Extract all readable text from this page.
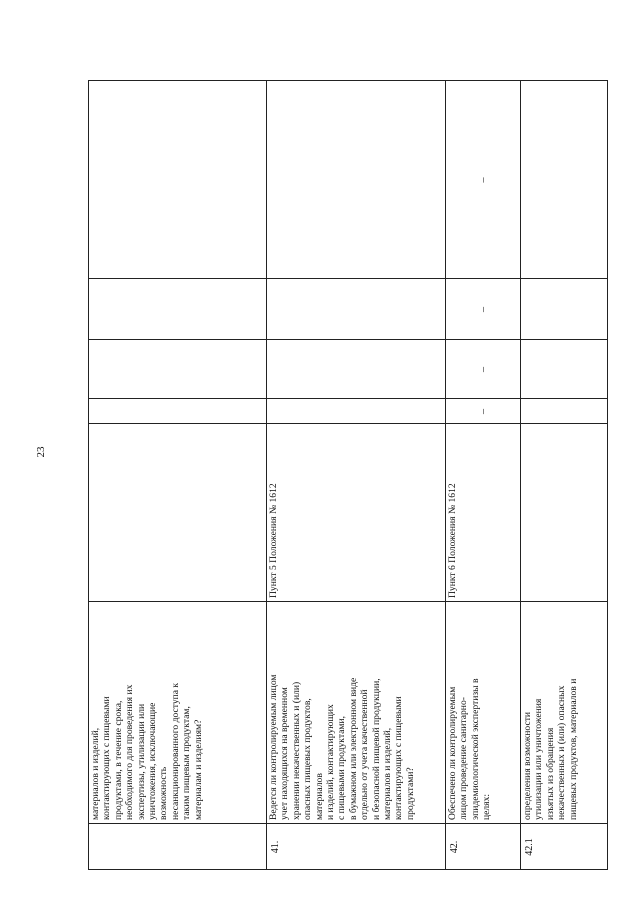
23
материалов и изделий,
контактирующих с пищевыми
продуктами, в течение срока,
необходимого для проведения их
экспертизы, утилизации или
уничтожения, исключающие
возможность
несанкционированного доступа к
таким пищевым продуктам,
материалам и изделиям?
41.
Ведется ли контролируемым лицом
учет находящихся на временном
хранении некачественных и (или)
опасных пищевых продуктов,
материалов
и изделий, контактирующих
с пищевыми продуктами,
в бумажном или электронном виде
отдельно от учета качественной
и безопасной пищевой продукции,
материалов и изделий,
контактирующих с пищевыми
продуктами?
Пункт 5 Положения № 1612
42.
Обеспечено ли контролируемым
лицом проведение санитарно-
эпидемиологической экспертизы в
целях:
Пункт 6 Положения № 1612
–
–
–
–
42.1
определения возможности
утилизации или уничтожения
изъятых из обращения
некачественных и (или) опасных
пищевых продуктов, материалов и
